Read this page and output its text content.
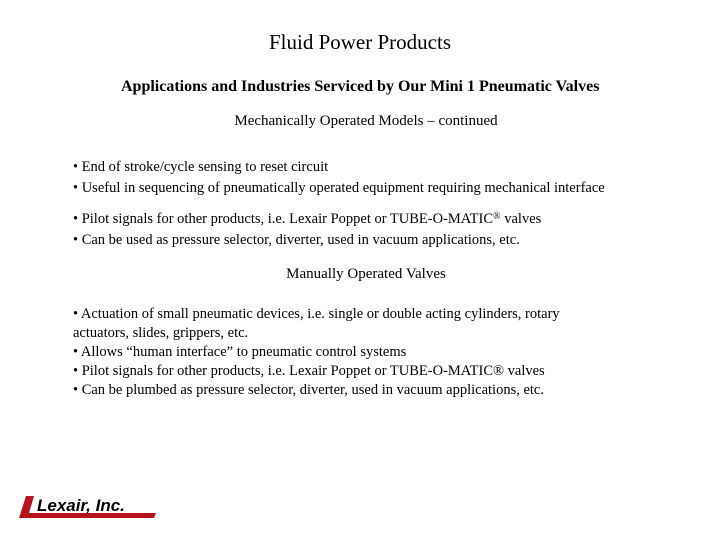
Fluid Power Products
Applications and Industries Serviced by Our Mini 1 Pneumatic Valves
Mechanically Operated Models – continued
• End of stroke/cycle sensing to reset circuit
• Useful in sequencing of pneumatically operated equipment requiring mechanical interface
• Pilot signals for other products, i.e. Lexair Poppet or TUBE-O-MATIC® valves
• Can be used as pressure selector, diverter, used in vacuum applications, etc.
Manually Operated Valves
• Actuation of small pneumatic devices, i.e. single or double acting cylinders, rotary
actuators, slides, grippers, etc.
• Allows “human interface” to pneumatic control systems
• Pilot signals for other products, i.e. Lexair Poppet or TUBE-O-MATIC® valves
• Can be plumbed as pressure selector, diverter, used in vacuum applications, etc.
Lexair, Inc.
